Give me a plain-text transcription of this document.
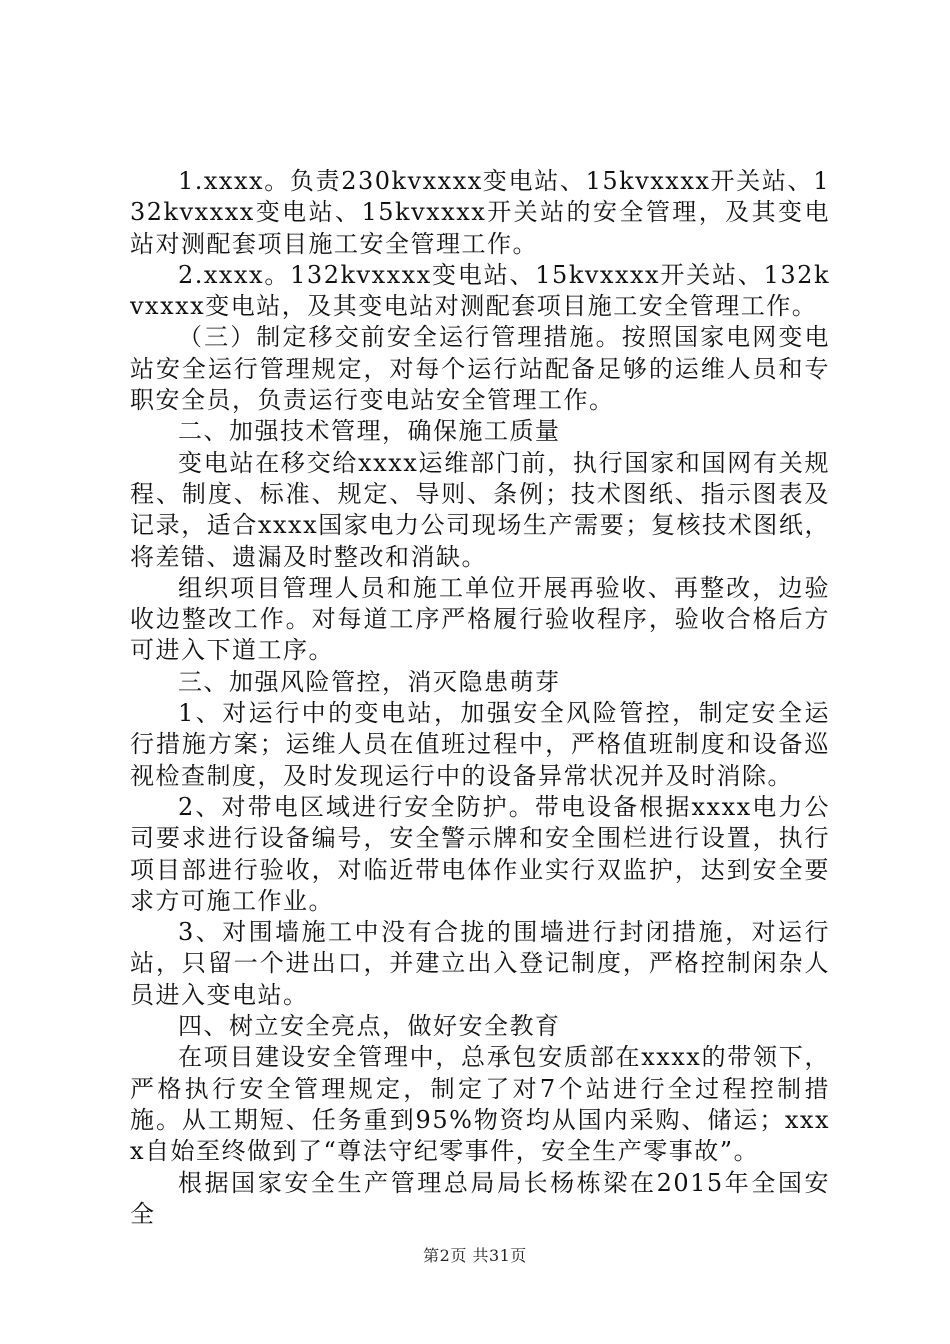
1.xxxx。负责230kvxxxx变电站、15kvxxxx开关站、132kvxxxx变电站、15kvxxxx开关站的安全管理，及其变电站对测配套项目施工安全管理工作。

2.xxxx。132kvxxxx变电站、15kvxxxx开关站、132kvxxxx变电站，及其变电站对测配套项目施工安全管理工作。

（三）制定移交前安全运行管理措施。按照国家电网变电站安全运行管理规定，对每个运行站配备足够的运维人员和专职安全员，负责运行变电站安全管理工作。

二、加强技术管理，确保施工质量

变电站在移交给xxxx运维部门前，执行国家和国网有关规程、制度、标准、规定、导则、条例；技术图纸、指示图表及记录，适合xxxx国家电力公司现场生产需要；复核技术图纸，将差错、遗漏及时整改和消缺。

组织项目管理人员和施工单位开展再验收、再整改，边验收边整改工作。对每道工序严格履行验收程序，验收合格后方可进入下道工序。

三、加强风险管控，消灭隐患萌芽

1、对运行中的变电站，加强安全风险管控，制定安全运行措施方案；运维人员在值班过程中，严格值班制度和设备巡视检查制度，及时发现运行中的设备异常状况并及时消除。

2、对带电区域进行安全防护。带电设备根据xxxx电力公司要求进行设备编号，安全警示牌和安全围栏进行设置，执行项目部进行验收，对临近带电体作业实行双监护，达到安全要求方可施工作业。

3、对围墙施工中没有合拢的围墙进行封闭措施，对运行站，只留一个进出口，并建立出入登记制度，严格控制闲杂人员进入变电站。

四、树立安全亮点，做好安全教育

在项目建设安全管理中，总承包安质部在xxxx的带领下，严格执行安全管理规定，制定了对7个站进行全过程控制措施。从工期短、任务重到95%物资均从国内采购、储运；xxxx自始至终做到了“尊法守纪零事件，安全生产零事故”。

根据国家安全生产管理总局局长杨栋梁在2015年全国安全

第2页 共31页
